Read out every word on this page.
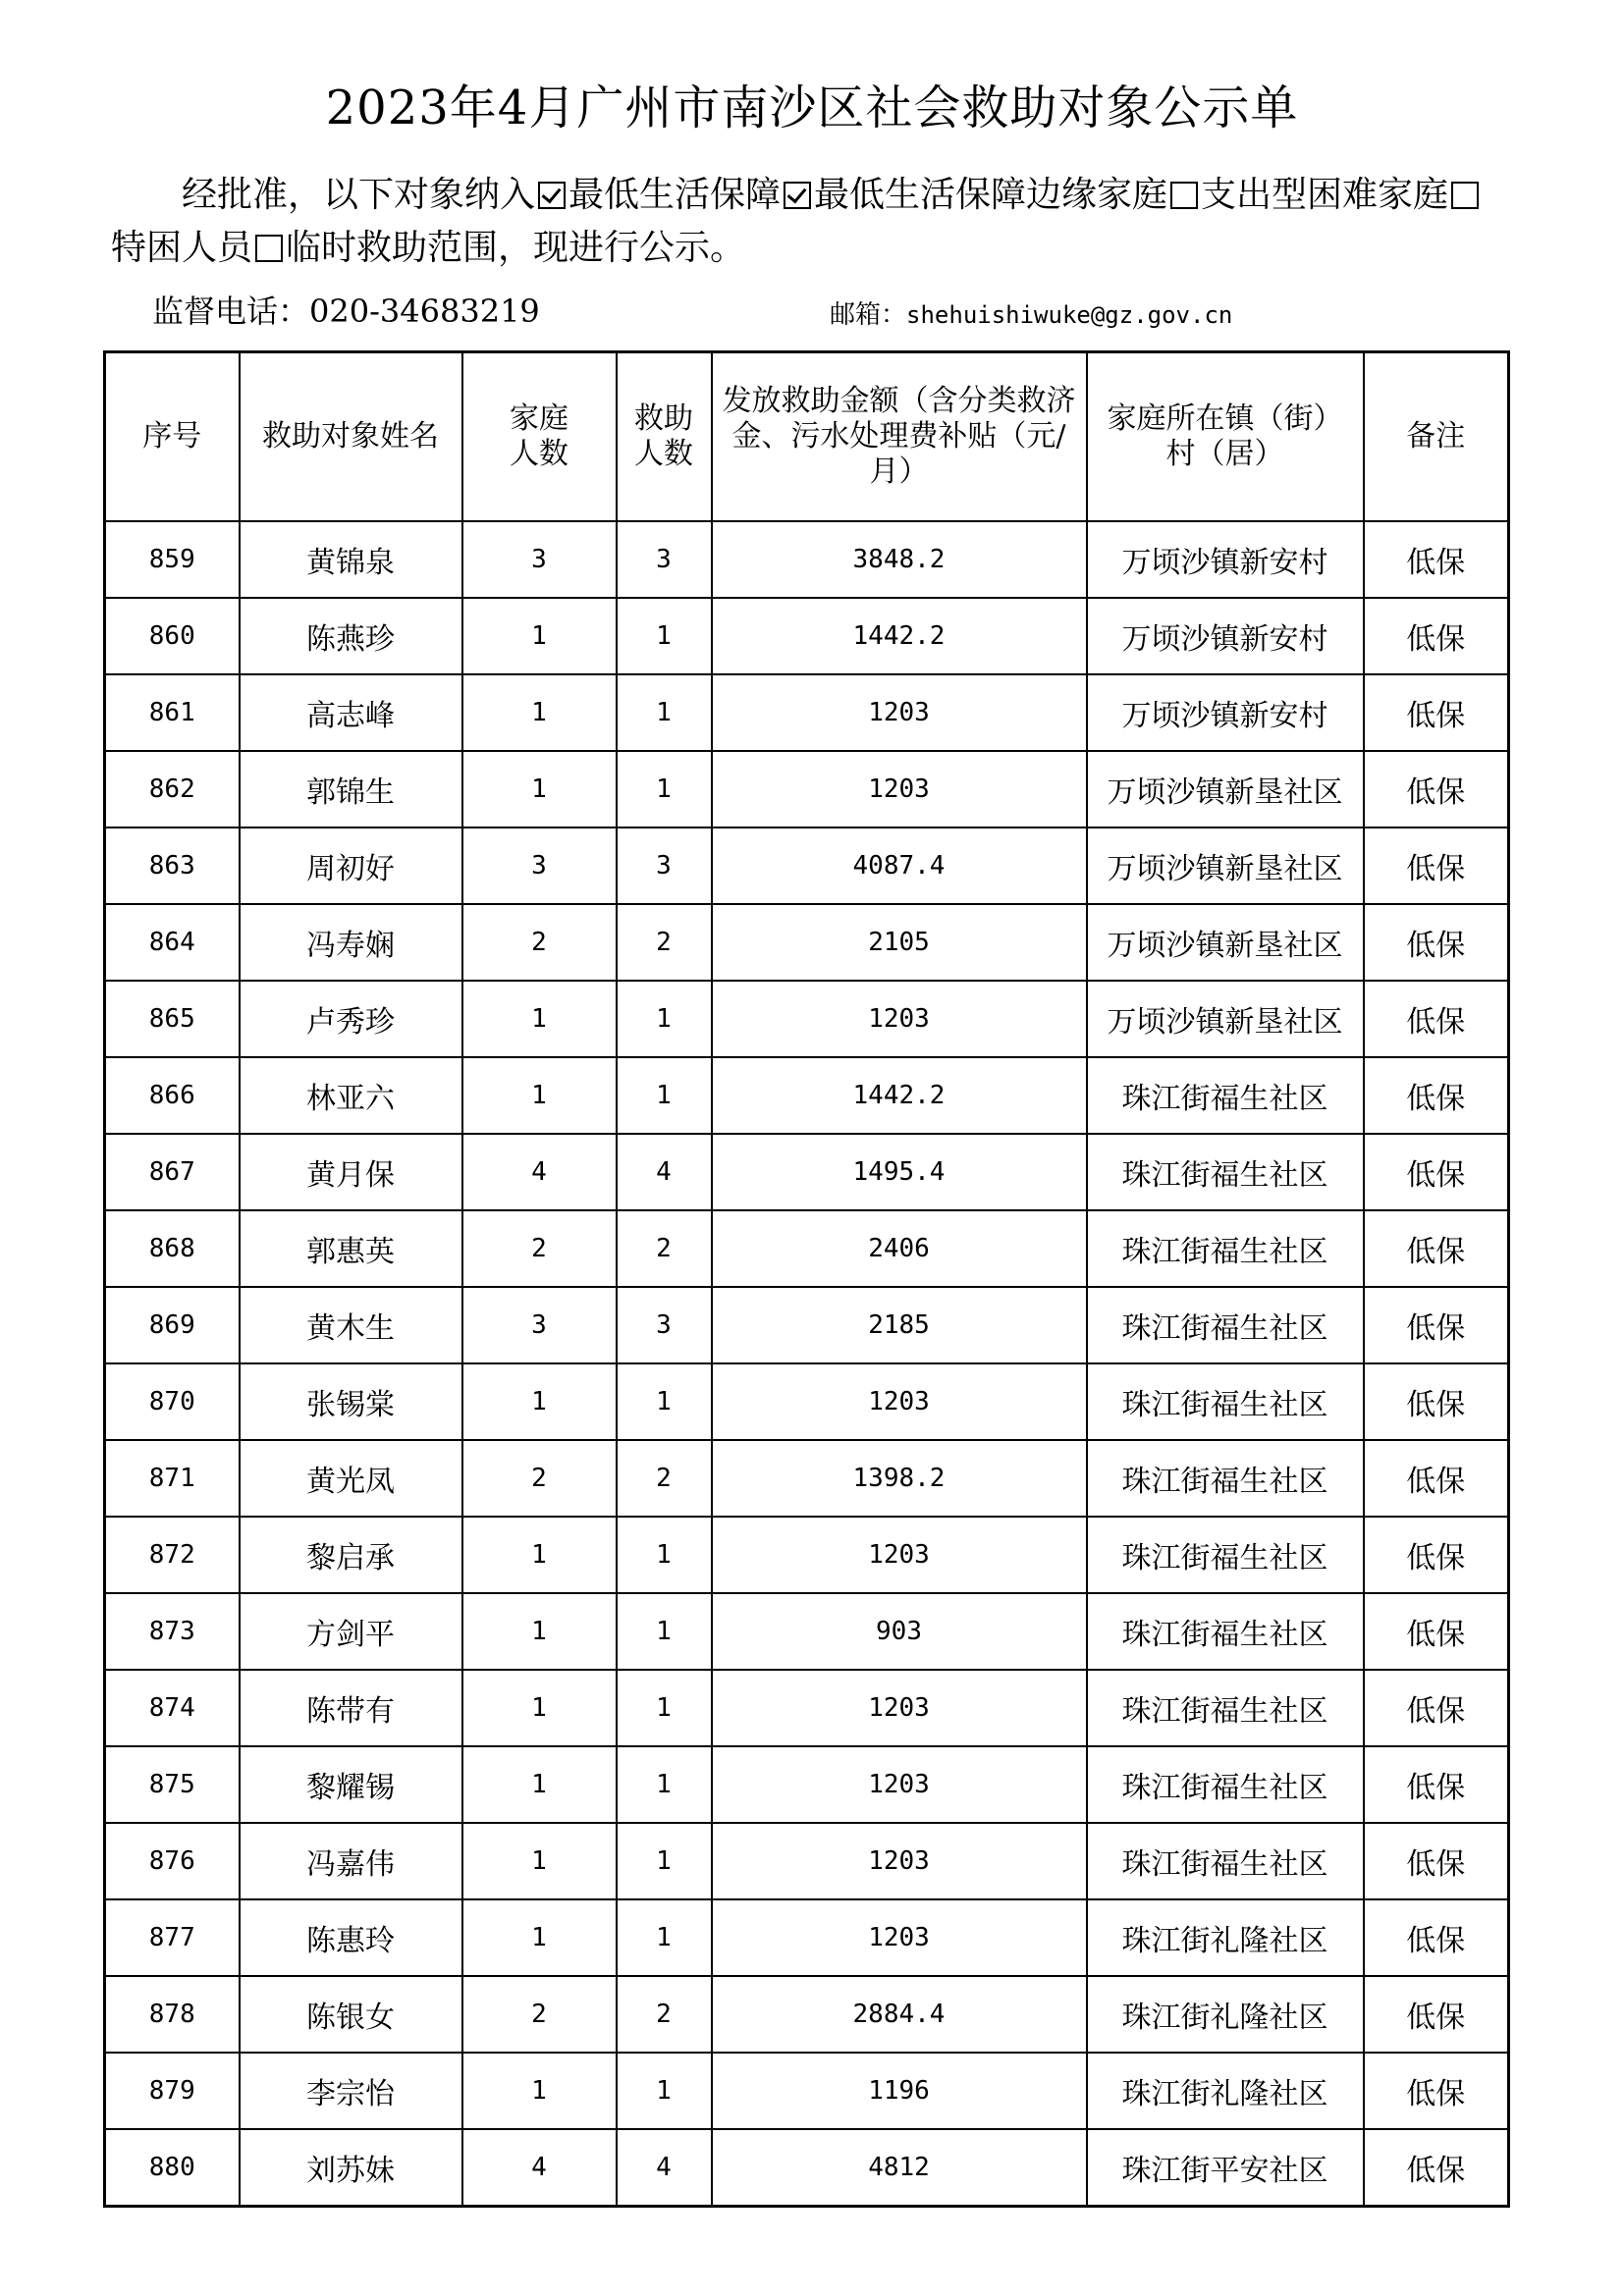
2023年4月广州市南沙区社会救助对象公示单
经批准，以下对象纳入 最低生活保障 最低生活保障边缘家庭 支出型困难家庭特困人员 临时救助范围，现进行公示。
监督电话：020-34683219	邮箱：shehuishiwuke@gz.gov.cn
序号	救助对象姓名	家庭人数	救助人数	发放救助金额（含分类救济金、污水处理费补贴（元/月）	家庭所在镇（街）村（居）	备注
859	黄锦泉	3	3	3848.2	万顷沙镇新安村	低保
860	陈燕珍	1	1	1442.2	万顷沙镇新安村	低保
861	高志峰	1	1	1203	万顷沙镇新安村	低保
862	郭锦生	1	1	1203	万顷沙镇新垦社区	低保
863	周初好	3	3	4087.4	万顷沙镇新垦社区	低保
864	冯寿娴	2	2	2105	万顷沙镇新垦社区	低保
865	卢秀珍	1	1	1203	万顷沙镇新垦社区	低保
866	林亚六	1	1	1442.2	珠江街福生社区	低保
867	黄月保	4	4	1495.4	珠江街福生社区	低保
868	郭惠英	2	2	2406	珠江街福生社区	低保
869	黄木生	3	3	2185	珠江街福生社区	低保
870	张锡棠	1	1	1203	珠江街福生社区	低保
871	黄光凤	2	2	1398.2	珠江街福生社区	低保
872	黎启承	1	1	1203	珠江街福生社区	低保
873	方剑平	1	1	903	珠江街福生社区	低保
874	陈带有	1	1	1203	珠江街福生社区	低保
875	黎耀锡	1	1	1203	珠江街福生社区	低保
876	冯嘉伟	1	1	1203	珠江街福生社区	低保
877	陈惠玲	1	1	1203	珠江街礼隆社区	低保
878	陈银女	2	2	2884.4	珠江街礼隆社区	低保
879	李宗怡	1	1	1196	珠江街礼隆社区	低保
880	刘苏妹	4	4	4812	珠江街平安社区	低保
